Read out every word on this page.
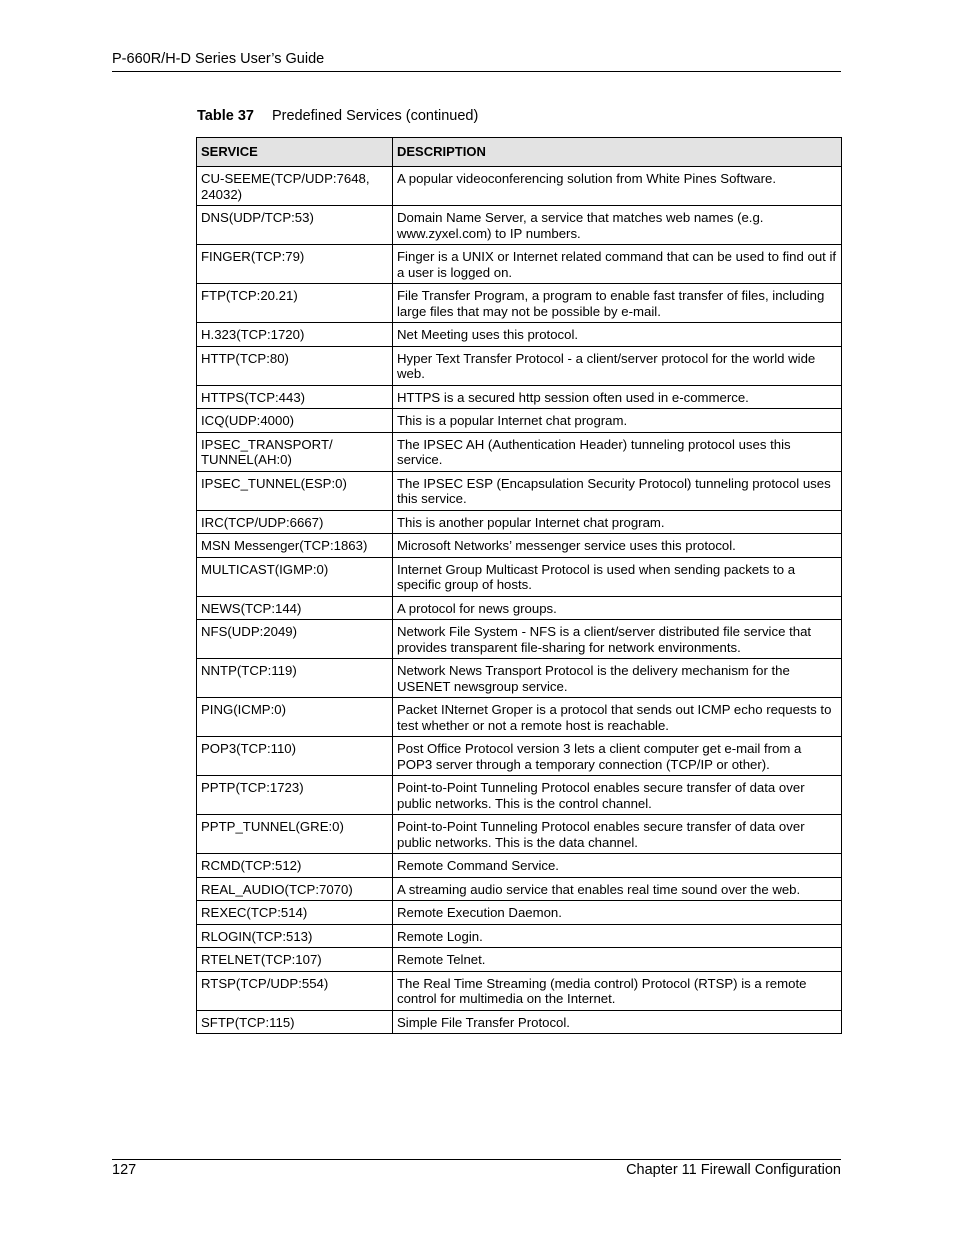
P-660R/H-D Series User’s Guide
Table 37 Predefined Services (continued)
SERVICE	DESCRIPTION
CU-SEEME(TCP/UDP:7648, 24032)	A popular videoconferencing solution from White Pines Software.
DNS(UDP/TCP:53)	Domain Name Server, a service that matches web names (e.g. www.zyxel.com) to IP numbers.
FINGER(TCP:79)	Finger is a UNIX or Internet related command that can be used to find out if a user is logged on.
FTP(TCP:20.21)	File Transfer Program, a program to enable fast transfer of files, including large files that may not be possible by e-mail.
H.323(TCP:1720)	Net Meeting uses this protocol.
HTTP(TCP:80)	Hyper Text Transfer Protocol - a client/server protocol for the world wide web.
HTTPS(TCP:443)	HTTPS is a secured http session often used in e-commerce.
ICQ(UDP:4000)	This is a popular Internet chat program.
IPSEC_TRANSPORT/ TUNNEL(AH:0)	The IPSEC AH (Authentication Header) tunneling protocol uses this service.
IPSEC_TUNNEL(ESP:0)	The IPSEC ESP (Encapsulation Security Protocol) tunneling protocol uses this service.
IRC(TCP/UDP:6667)	This is another popular Internet chat program.
MSN Messenger(TCP:1863)	Microsoft Networks’ messenger service uses this protocol.
MULTICAST(IGMP:0)	Internet Group Multicast Protocol is used when sending packets to a specific group of hosts.
NEWS(TCP:144)	A protocol for news groups.
NFS(UDP:2049)	Network File System - NFS is a client/server distributed file service that provides transparent file-sharing for network environments.
NNTP(TCP:119)	Network News Transport Protocol is the delivery mechanism for the USENET newsgroup service.
PING(ICMP:0)	Packet INternet Groper is a protocol that sends out ICMP echo requests to test whether or not a remote host is reachable.
POP3(TCP:110)	Post Office Protocol version 3 lets a client computer get e-mail from a POP3 server through a temporary connection (TCP/IP or other).
PPTP(TCP:1723)	Point-to-Point Tunneling Protocol enables secure transfer of data over public networks. This is the control channel.
PPTP_TUNNEL(GRE:0)	Point-to-Point Tunneling Protocol enables secure transfer of data over public networks. This is the data channel.
RCMD(TCP:512)	Remote Command Service.
REAL_AUDIO(TCP:7070)	A streaming audio service that enables real time sound over the web.
REXEC(TCP:514)	Remote Execution Daemon.
RLOGIN(TCP:513)	Remote Login.
RTELNET(TCP:107)	Remote Telnet.
RTSP(TCP/UDP:554)	The Real Time Streaming (media control) Protocol (RTSP) is a remote control for multimedia on the Internet.
SFTP(TCP:115)	Simple File Transfer Protocol.
127	Chapter 11 Firewall Configuration
